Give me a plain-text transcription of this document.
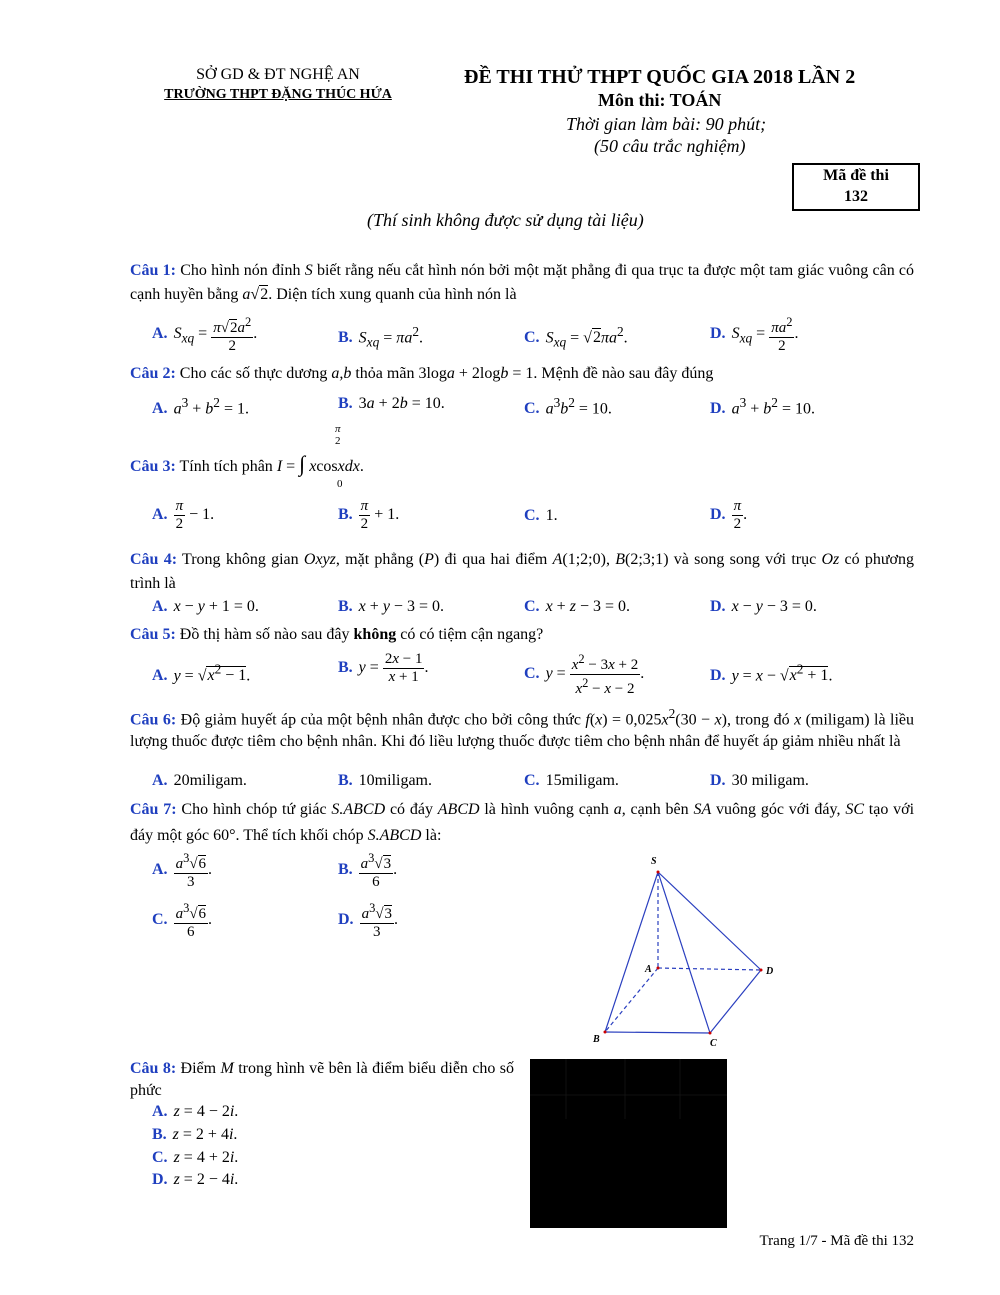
SỞ GD & ĐT NGHỆ AN
TRƯỜNG THPT ĐẶNG THÚC HỨA
ĐỀ THI THỬ THPT QUỐC GIA 2018 LẦN 2
Môn thi: TOÁN
Thời gian làm bài: 90 phút;
(50 câu trắc nghiệm)
Mã đề thi
132
(Thí sinh không được sử dụng tài liệu)
Câu 1: Cho hình nón đỉnh S biết rằng nếu cắt hình nón bởi một mặt phẳng đi qua trục ta được một tam giác vuông cân có cạnh huyền bằng a√2. Diện tích xung quanh của hình nón là
A. $S_{xq} = \frac{\pi√2a^2}{2}$ .	B. $S_{xq} = \pi a^2$.	C. $S_{xq} = √2\pi a^2$.	D. $S_{xq} = \frac{\pi a^2}{2}$ .
Câu 2: Cho các số thực dương a,b thỏa mãn 3loga + 2logb = 1. Mệnh đề nào sau đây đúng
A. $a^3 + b^2 = 1$.	B. 3a + 2b = 10.	C. $a^3b^2 = 10$.	D. $a^3 + b^2 = 10$.
Câu 3: Tính tích phân I = ∫ xcosxdx.
π
2
0
A. $\frac{\pi}{2} - 1$.	B. $\frac{\pi}{2} + 1$.	C. 1.	D. $\frac{\pi}{2}$ .
Câu 4: Trong không gian Oxyz, mặt phẳng (P) đi qua hai điểm A(1;2;0), B(2;3;1) và song song với trục Oz có phương trình là
A. x − y + 1 = 0.	B. x + y − 3 = 0.	C. x + z − 3 = 0.	D. x − y − 3 = 0.
Câu 5: Đồ thị hàm số nào sau đây không có có tiệm cận ngang?
A. $y = √x^2 - 1$.	B. $y = \frac{2x - 1}{x + 1}$ .	C. $y = \frac{x^2 - 3x + 2}{x^2 - x - 2}$ .	D. $y = x - √x^2 + 1$.
Câu 6: Độ giảm huyết áp của một bệnh nhân được cho bởi công thức $f(x) = 0,025x^2(30 - x)$, trong đó x (miligam) là liều lượng thuốc được tiêm cho bệnh nhân. Khi đó liều lượng thuốc được tiêm cho bệnh nhân để huyết áp giảm nhiều nhất là
A. 20miligam.	B. 10miligam.	C. 15miligam.	D. 30 miligam.
Câu 7: Cho hình chóp tứ giác S.ABCD có đáy ABCD là hình vuông cạnh a, cạnh bên SA vuông góc với đáy, SC tạo với đáy một góc 60°. Thể tích khối chóp S.ABCD là:
A. $\frac{a^3√6}{3}$ .	B. $\frac{a^3√3}{6}$ .
C. $\frac{a^3√6}{6}$ .	D. $\frac{a^3√3}{3}$ .
S
A	D
B	C
Câu 8: Điểm M trong hình vẽ bên là điểm biểu diễn cho số phức
A. z = 4 − 2i.
B. z = 2 + 4i.
C. z = 4 + 2i.
D. z = 2 − 4i.
Trang 1/7 - Mã đề thi 132
